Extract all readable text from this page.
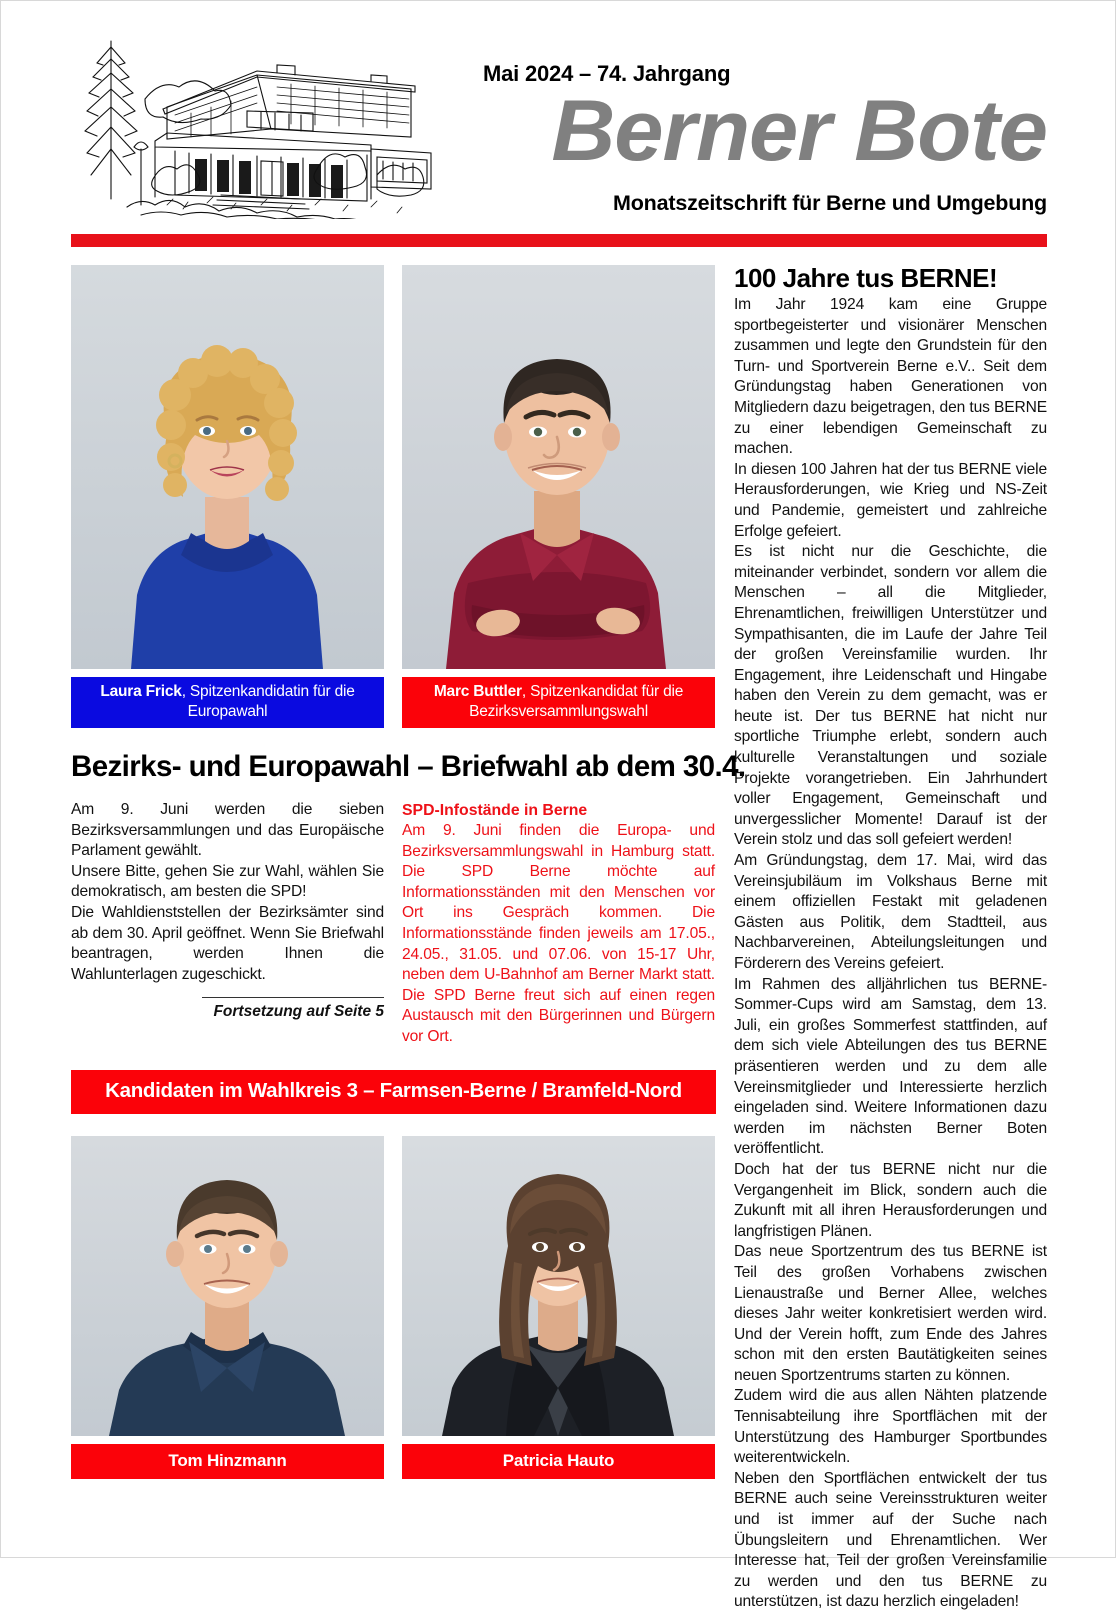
Mai 2024 – 74. Jahrgang
Berner Bote
Monatszeitschrift für Berne und Umgebung
Laura Frick, Spitzenkandidatin für die Europawahl
Marc Buttler, Spitzenkandidat für die Bezirksversammlungswahl
Bezirks- und Europawahl – Briefwahl ab dem 30.4.

Am 9. Juni werden die sieben Bezirksversammlungen und das Europäische Parlament gewählt.

Unsere Bitte, gehen Sie zur Wahl, wählen Sie demokratisch, am besten die SPD!

Die Wahldienststellen der Bezirksämter sind ab dem 30. April geöffnet. Wenn Sie Briefwahl beantragen, werden Ihnen die Wahlunterlagen zugeschickt.

Fortsetzung auf Seite 5
SPD-Infostände in Berne
Am 9. Juni finden die Europa- und Bezirksversammlungswahl in Hamburg statt. Die SPD Berne möchte auf Informationsständen mit den Menschen vor Ort ins Gespräch kommen. Die Informationsstände finden jeweils am 17.05., 24.05., 31.05. und 07.06. von 15-17 Uhr, neben dem U-Bahnhof am Berner Markt statt. Die SPD Berne freut sich auf einen regen Austausch mit den Bürgerinnen und Bürgern vor Ort.
Kandidaten im Wahlkreis 3 – Farmsen-Berne / Bramfeld-Nord
Tom Hinzmann	Patricia Hauto
100 Jahre tus BERNE!

Im Jahr 1924 kam eine Gruppe sportbegeisterter und visionärer Menschen zusammen und legte den Grundstein für den Turn- und Sportverein Berne e.V.. Seit dem Gründungstag haben Generationen von Mitgliedern dazu beigetragen, den tus BERNE zu einer lebendigen Gemeinschaft zu machen.

In diesen 100 Jahren hat der tus BERNE viele Herausforderungen, wie Krieg und NS-Zeit und Pandemie, gemeistert und zahlreiche Erfolge gefeiert.

Es ist nicht nur die Geschichte, die miteinander verbindet, sondern vor allem die Menschen – all die Mitglieder, Ehrenamtlichen, freiwilligen Unterstützer und Sympathisanten, die im Laufe der Jahre Teil der großen Vereinsfamilie wurden. Ihr Engagement, ihre Leidenschaft und Hingabe haben den Verein zu dem gemacht, was er heute ist. Der tus BERNE hat nicht nur sportliche Triumphe erlebt, sondern auch kulturelle Veranstaltungen und soziale Projekte vorangetrieben. Ein Jahrhundert voller Engagement, Gemeinschaft und unvergesslicher Momente! Darauf ist der Verein stolz und das soll gefeiert werden!

Am Gründungstag, dem 17. Mai, wird das Vereinsjubiläum im Volkshaus Berne mit einem offiziellen Festakt mit geladenen Gästen aus Politik, dem Stadtteil, aus Nachbarvereinen, Abteilungsleitungen und Förderern des Vereins gefeiert.

Im Rahmen des alljährlichen tus BERNE-Sommer-Cups wird am Samstag, dem 13. Juli, ein großes Sommerfest stattfinden, auf dem sich viele Abteilungen des tus BERNE präsentieren werden und zu dem alle Vereinsmitglieder und Interessierte herzlich eingeladen sind. Weitere Informationen dazu werden im nächsten Berner Boten veröffentlicht.

Doch hat der tus BERNE nicht nur die Vergangenheit im Blick, sondern auch die Zukunft mit all ihren Herausforderungen und langfristigen Plänen.

Das neue Sportzentrum des tus BERNE ist Teil des großen Vorhabens zwischen Lienaustraße und Berner Allee, welches dieses Jahr weiter konkretisiert werden wird. Und der Verein hofft, zum Ende des Jahres schon mit den ersten Bautätigkeiten seines neuen Sportzentrums starten zu können.

Zudem wird die aus allen Nähten platzende Tennisabteilung ihre Sportflächen mit der Unterstützung des Hamburger Sportbundes weiterentwickeln.

Neben den Sportflächen entwickelt der tus BERNE auch seine Vereinsstrukturen weiter und ist immer auf der Suche nach Übungsleitern und Ehrenamtlichen. Wer Interesse hat, Teil der großen Vereinsfamilie zu werden und den tus BERNE zu unterstützen, ist dazu herzlich eingeladen!
